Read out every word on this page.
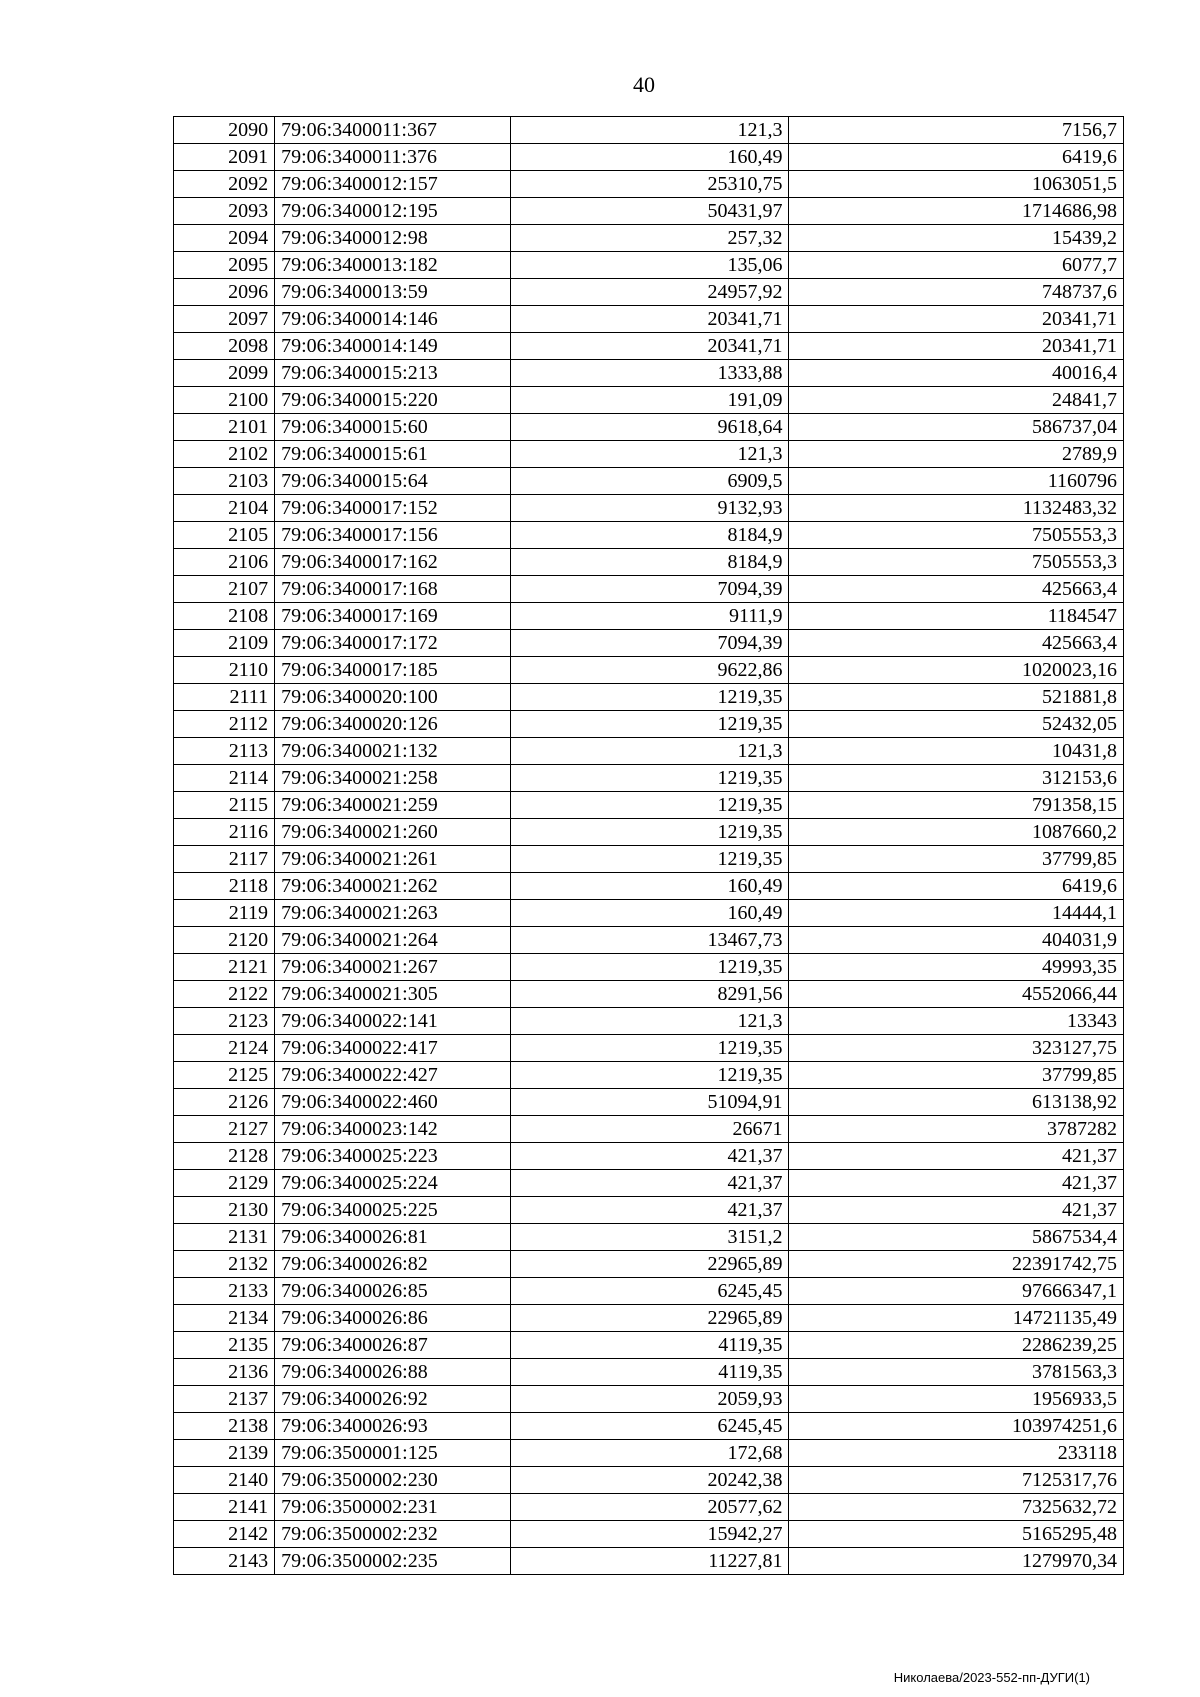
40
2090	79:06:3400011:367	121,3	7156,7
2091	79:06:3400011:376	160,49	6419,6
2092	79:06:3400012:157	25310,75	1063051,5
2093	79:06:3400012:195	50431,97	1714686,98
2094	79:06:3400012:98	257,32	15439,2
2095	79:06:3400013:182	135,06	6077,7
2096	79:06:3400013:59	24957,92	748737,6
2097	79:06:3400014:146	20341,71	20341,71
2098	79:06:3400014:149	20341,71	20341,71
2099	79:06:3400015:213	1333,88	40016,4
2100	79:06:3400015:220	191,09	24841,7
2101	79:06:3400015:60	9618,64	586737,04
2102	79:06:3400015:61	121,3	2789,9
2103	79:06:3400015:64	6909,5	1160796
2104	79:06:3400017:152	9132,93	1132483,32
2105	79:06:3400017:156	8184,9	7505553,3
2106	79:06:3400017:162	8184,9	7505553,3
2107	79:06:3400017:168	7094,39	425663,4
2108	79:06:3400017:169	9111,9	1184547
2109	79:06:3400017:172	7094,39	425663,4
2110	79:06:3400017:185	9622,86	1020023,16
2111	79:06:3400020:100	1219,35	521881,8
2112	79:06:3400020:126	1219,35	52432,05
2113	79:06:3400021:132	121,3	10431,8
2114	79:06:3400021:258	1219,35	312153,6
2115	79:06:3400021:259	1219,35	791358,15
2116	79:06:3400021:260	1219,35	1087660,2
2117	79:06:3400021:261	1219,35	37799,85
2118	79:06:3400021:262	160,49	6419,6
2119	79:06:3400021:263	160,49	14444,1
2120	79:06:3400021:264	13467,73	404031,9
2121	79:06:3400021:267	1219,35	49993,35
2122	79:06:3400021:305	8291,56	4552066,44
2123	79:06:3400022:141	121,3	13343
2124	79:06:3400022:417	1219,35	323127,75
2125	79:06:3400022:427	1219,35	37799,85
2126	79:06:3400022:460	51094,91	613138,92
2127	79:06:3400023:142	26671	3787282
2128	79:06:3400025:223	421,37	421,37
2129	79:06:3400025:224	421,37	421,37
2130	79:06:3400025:225	421,37	421,37
2131	79:06:3400026:81	3151,2	5867534,4
2132	79:06:3400026:82	22965,89	22391742,75
2133	79:06:3400026:85	6245,45	97666347,1
2134	79:06:3400026:86	22965,89	14721135,49
2135	79:06:3400026:87	4119,35	2286239,25
2136	79:06:3400026:88	4119,35	3781563,3
2137	79:06:3400026:92	2059,93	1956933,5
2138	79:06:3400026:93	6245,45	103974251,6
2139	79:06:3500001:125	172,68	233118
2140	79:06:3500002:230	20242,38	7125317,76
2141	79:06:3500002:231	20577,62	7325632,72
2142	79:06:3500002:232	15942,27	5165295,48
2143	79:06:3500002:235	11227,81	1279970,34
Николаева/2023-552-пп-ДУГИ(1)
